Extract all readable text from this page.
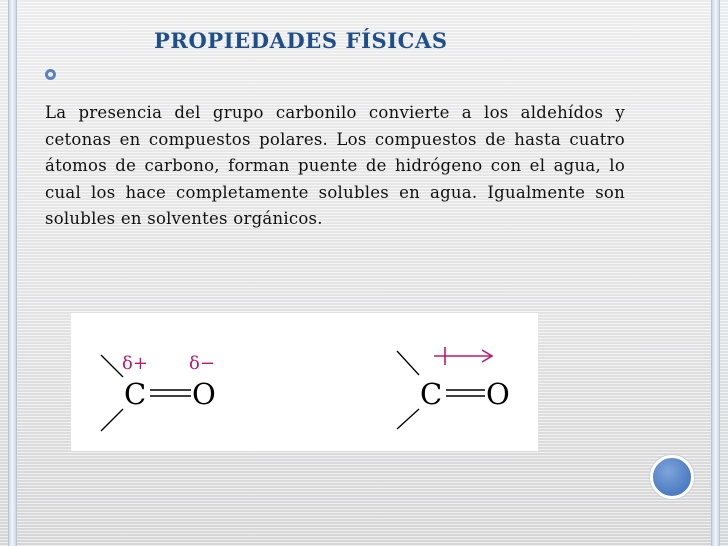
PROPIEDADES FÍSICAS

La presencia del grupo carbonilo convierte a los aldehídos y cetonas en compuestos polares. Los compuestos de hasta cuatro átomos de carbono, forman puente de hidrógeno con el agua, lo cual los hace completamente solubles en agua. Igualmente son solubles en solventes orgánicos.

C O
δ+ δ−
C O
